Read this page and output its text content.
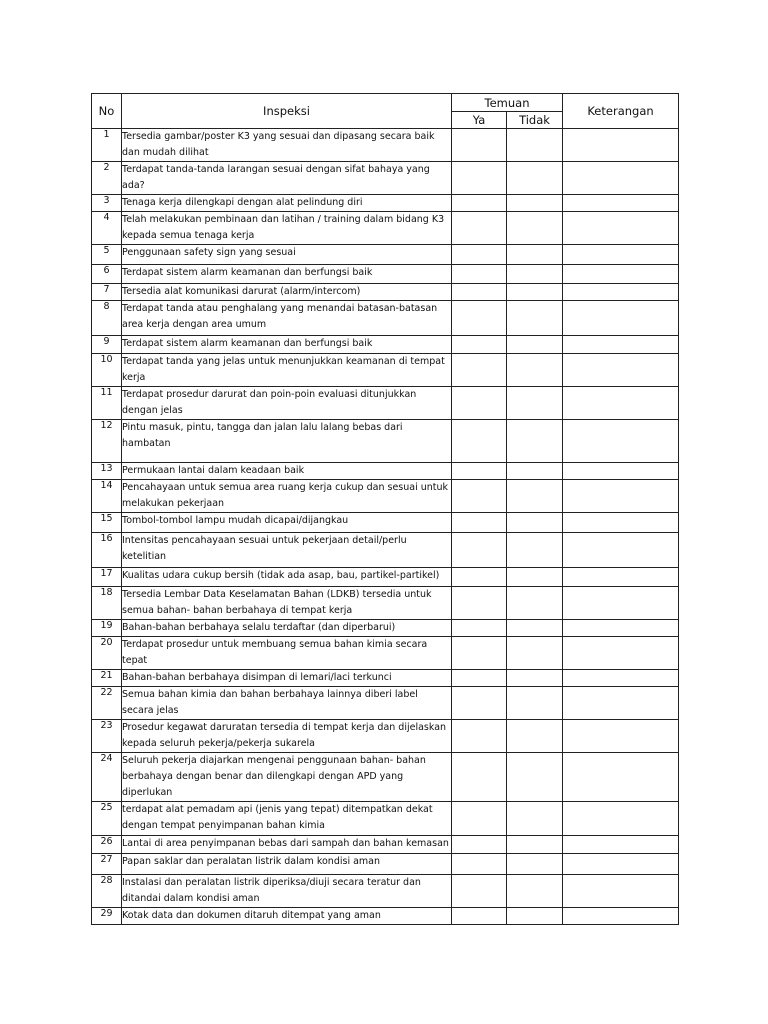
No	Inspeksi	Temuan		Keterangan
		Ya	Tidak	
1	Tersedia gambar/poster K3 yang sesuai dan dipasang secara baik dan mudah dilihat			
2	Terdapat tanda-tanda larangan sesuai dengan sifat bahaya yang ada?			
3	Tenaga kerja dilengkapi dengan alat pelindung diri			
4	Telah melakukan pembinaan dan latihan / training dalam bidang K3 kepada semua tenaga kerja			
5	Penggunaan safety sign yang sesuai			
6	Terdapat sistem alarm keamanan dan berfungsi baik			
7	Tersedia alat komunikasi darurat (alarm/intercom)			
8	Terdapat tanda atau penghalang yang menandai batasan-batasan area kerja dengan area umum			
9	Terdapat sistem alarm keamanan dan berfungsi baik			
10	Terdapat tanda yang jelas untuk menunjukkan keamanan di tempat kerja			
11	Terdapat prosedur darurat dan poin-poin evaluasi ditunjukkan dengan jelas			
12	Pintu masuk, pintu, tangga dan jalan lalu lalang bebas dari hambatan			
13	Permukaan lantai dalam keadaan baik			
14	Pencahayaan untuk semua area ruang kerja cukup dan sesuai untuk melakukan pekerjaan			
15	Tombol-tombol lampu mudah dicapai/dijangkau			
16	Intensitas pencahayaan sesuai untuk pekerjaan detail/perlu ketelitian			
17	Kualitas udara cukup bersih (tidak ada asap, bau, partikel-partikel)			
18	Tersedia Lembar Data Keselamatan Bahan (LDKB) tersedia untuk semua bahan- bahan berbahaya di tempat kerja			
19	Bahan-bahan berbahaya selalu terdaftar (dan diperbarui)			
20	Terdapat prosedur untuk membuang semua bahan kimia secara tepat			
21	Bahan-bahan berbahaya disimpan di lemari/laci terkunci			
22	Semua bahan kimia dan bahan berbahaya lainnya diberi label secara jelas			
23	Prosedur kegawat daruratan tersedia di tempat kerja dan dijelaskan kepada seluruh pekerja/pekerja sukarela			
24	Seluruh pekerja diajarkan mengenai penggunaan bahan- bahan berbahaya dengan benar dan dilengkapi dengan APD yang diperlukan			
25	terdapat alat pemadam api (jenis yang tepat) ditempatkan dekat dengan tempat penyimpanan bahan kimia			
26	Lantai di area penyimpanan bebas dari sampah dan bahan kemasan			
27	Papan saklar dan peralatan listrik dalam kondisi aman			
28	Instalasi dan peralatan listrik diperiksa/diuji secara teratur dan ditandai dalam kondisi aman			
29	Kotak data dan dokumen ditaruh ditempat yang aman			
